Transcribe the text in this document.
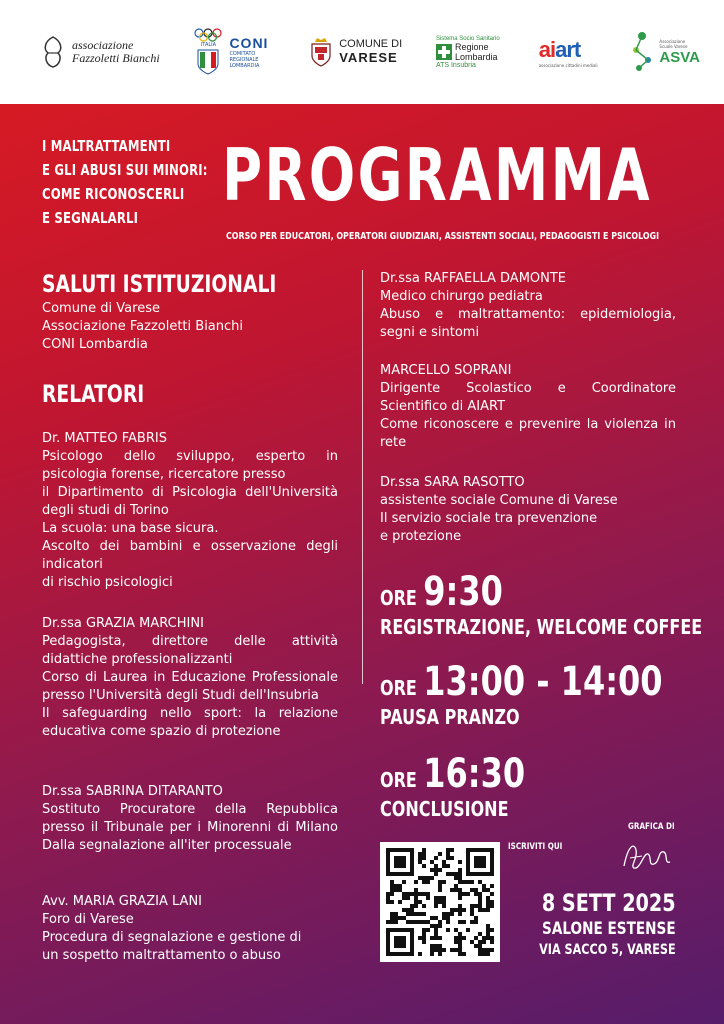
associazione
Fazzoletti Bianchi
ITALIA CONI
COMITATO REGIONALE LOMBARDIA
COMUNE DI
VARESE
Sistema Socio Sanitario
Regione Lombardia
ATS Insubria
aiart
associazione cittadini mediali
Associazione Scuole Varese
ASVA
I MALTRATTAMENTI
E GLI ABUSI SUI MINORI:
COME RICONOSCERLI
E SEGNALARLI
PROGRAMMA
CORSO PER EDUCATORI, OPERATORI GIUDIZIARI, ASSISTENTI SOCIALI, PEDAGOGISTI E PSICOLOGI
SALUTI ISTITUZIONALI
Comune di Varese
Associazione Fazzoletti Bianchi
CONI Lombardia
RELATORI
Dr. MATTEO FABRIS
Psicologo dello sviluppo, esperto in psicologia forense, ricercatore presso
il Dipartimento di Psicologia dell'Università degli studi di Torino
La scuola: una base sicura.
Ascolto dei bambini e osservazione degli indicatori
di rischio psicologici
Dr.ssa GRAZIA MARCHINI
Pedagogista, direttore delle attività didattiche professionalizzanti
Corso di Laurea in Educazione Professionale presso l'Università degli Studi dell'Insubria
Il safeguarding nello sport: la relazione educativa come spazio di protezione
Dr.ssa SABRINA DITARANTO
Sostituto Procuratore della Repubblica presso il Tribunale per i Minorenni di Milano Dalla segnalazione all'iter processuale
Avv. MARIA GRAZIA LANI
Foro di Varese
Procedura di segnalazione e gestione di
un sospetto maltrattamento o abuso
Dr.ssa RAFFAELLA DAMONTE
Medico chirurgo pediatra
Abuso e maltrattamento: epidemiologia, segni e sintomi
MARCELLO SOPRANI
Dirigente Scolastico e Coordinatore Scientifico di AIART
Come riconoscere e prevenire la violenza in rete
Dr.ssa SARA RASOTTO
assistente sociale Comune di Varese
Il servizio sociale tra prevenzione
e protezione
ORE 9:30
REGISTRAZIONE, WELCOME COFFEE
ORE 13:00 - 14:00
PAUSA PRANZO
ORE 16:30
CONCLUSIONE
ISCRIVITI QUI
GRAFICA DI
8 SETT 2025
SALONE ESTENSE
VIA SACCO 5, VARESE
